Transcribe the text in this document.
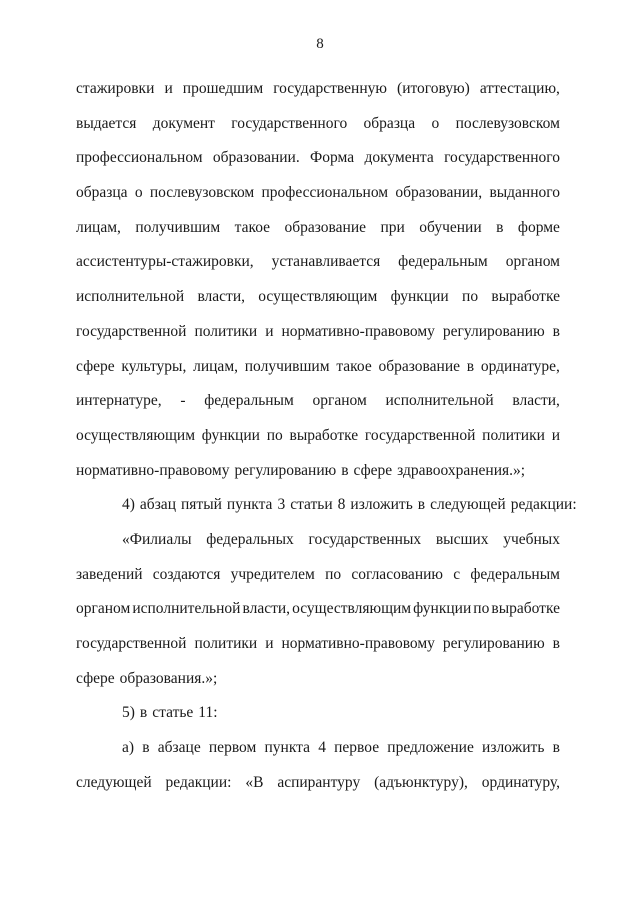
8
стажировки и прошедшим государственную (итоговую) аттестацию,
выдается документ государственного образца о послевузовском
профессиональном образовании. Форма документа государственного
образца о послевузовском профессиональном образовании, выданного
лицам, получившим такое образование при обучении в форме
ассистентуры-стажировки, устанавливается федеральным органом
исполнительной власти, осуществляющим функции по выработке
государственной политики и нормативно-правовому регулированию в
сфере культуры, лицам, получившим такое образование в ординатуре,
интернатуре, - федеральным органом исполнительной власти,
осуществляющим функции по выработке государственной политики и
нормативно-правовому регулированию в сфере здравоохранения.»;
4) абзац пятый пункта 3 статьи 8 изложить в следующей редакции:
«Филиалы федеральных государственных высших учебных
заведений создаются учредителем по согласованию с федеральным
органом исполнительной власти, осуществляющим функции по выработке
государственной политики и нормативно-правовому регулированию в
сфере образования.»;
5) в статье 11:
а) в абзаце первом пункта 4 первое предложение изложить в
следующей редакции: «В аспирантуру (адъюнктуру), ординатуру,
